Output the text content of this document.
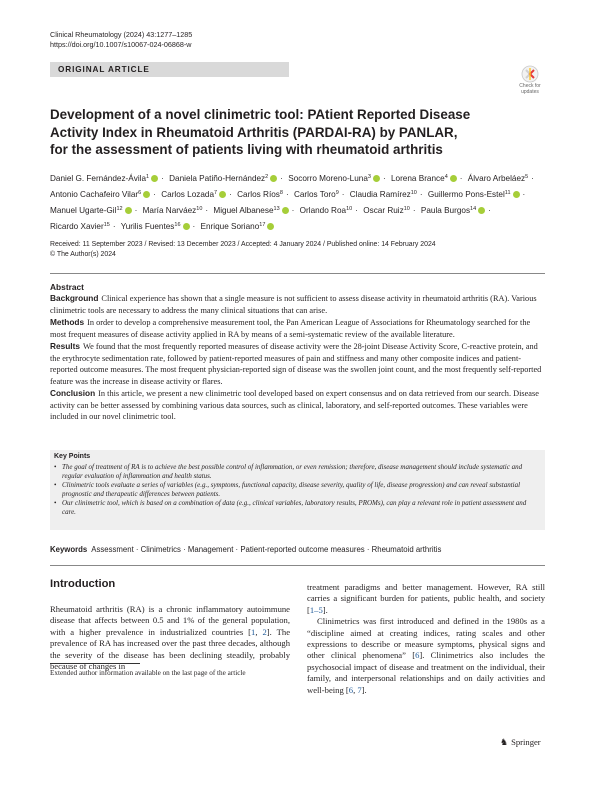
Clinical Rheumatology (2024) 43:1277–1285
https://doi.org/10.1007/s10067-024-06868-w
ORIGINAL ARTICLE
Check for
updates
Development of a novel clinimetric tool: PAtient Reported Disease
Activity Index in Rheumatoid Arthritis (PARDAI-RA) by PANLAR,
for the assessment of patients living with rheumatoid arthritis
Daniel G. Fernández-Ávila$^1$ · Daniela Patiño-Hernández$^2$ · Socorro Moreno-Luna$^3$ · Lorena Brance$^4$ · Álvaro Arbeláez$^5$ · Antonio Cachafeiro Vilar$^6$ · Carlos Lozada$^7$ · Carlos Ríos$^8$ · Carlos Toro$^9$ · Claudia Ramírez$^{10}$ · Guillermo Pons-Estel$^{11}$ · Manuel Ugarte-Gil$^{12}$ · María Narváez$^{10}$ · Miguel Albanese$^{13}$ · Orlando Roa$^{10}$ · Oscar Ruiz$^{10}$ · Paula Burgos$^{14}$ · Ricardo Xavier$^{15}$ · Yurilis Fuentes$^{16}$ · Enrique Soriano$^{17}$
Received: 11 September 2023 / Revised: 13 December 2023 / Accepted: 4 January 2024 / Published online: 14 February 2024
© The Author(s) 2024
Abstract

Background Clinical experience has shown that a single measure is not sufficient to assess disease activity in rheumatoid arthritis (RA). Various clinimetric tools are necessary to address the many clinical situations that can arise.

Methods In order to develop a comprehensive measurement tool, the Pan American League of Associations for Rheumatology searched for the most frequent measures of disease activity applied in RA by means of a semi-systematic review of the available literature.

Results We found that the most frequently reported measures of disease activity were the 28-joint Disease Activity Score, C-reactive protein, and the erythrocyte sedimentation rate, followed by patient-reported measures of pain and stiffness and many other composite indices and patient-reported outcome measures. The most frequent physician-reported sign of disease was the swollen joint count, and the most frequently self-reported feature was the increase in disease activity or flares.

Conclusion In this article, we present a new clinimetric tool developed based on expert consensus and on data retrieved from our search. Disease activity can be better assessed by combining various data sources, such as clinical, laboratory, and self-reported outcomes. These variables were included in our novel clinimetric tool.

Key Points
• The goal of treatment of RA is to achieve the best possible control of inflammation, or even remission; therefore, disease management should include systematic and regular evaluation of inflammation and health status.
• Clinimetric tools evaluate a series of variables (e.g., symptoms, functional capacity, disease severity, quality of life, disease progression) and can reveal substantial prognostic and therapeutic differences between patients.
• Our clinimetric tool, which is based on a combination of data (e.g., clinical variables, laboratory results, PROMs), can play a relevant role in patient assessment and care.
Keywords Assessment · Clinimetrics · Management · Patient-reported outcome measures · Rheumatoid arthritis
Introduction

Rheumatoid arthritis (RA) is a chronic inflammatory autoimmune disease that affects between 0.5 and 1% of the general population, with a higher prevalence in industrialized countries [1, 2]. The prevalence of RA has increased over the past three decades, although the severity of the disease has been declining steadily, probably because of changes in

treatment paradigms and better management. However, RA still carries a significant burden for patients, public health, and society [1–5].

Clinimetrics was first introduced and defined in the 1980s as a “discipline aimed at creating indices, rating scales and other expressions to describe or measure symptoms, physical signs and other clinical phenomena” [6]. Clinimetrics also includes the psychosocial impact of disease and treatment on the individual, their family, and interpersonal relationships and on daily activities and well-being [6, 7].

Extended author information available on the last page of the article
♞ Springer
